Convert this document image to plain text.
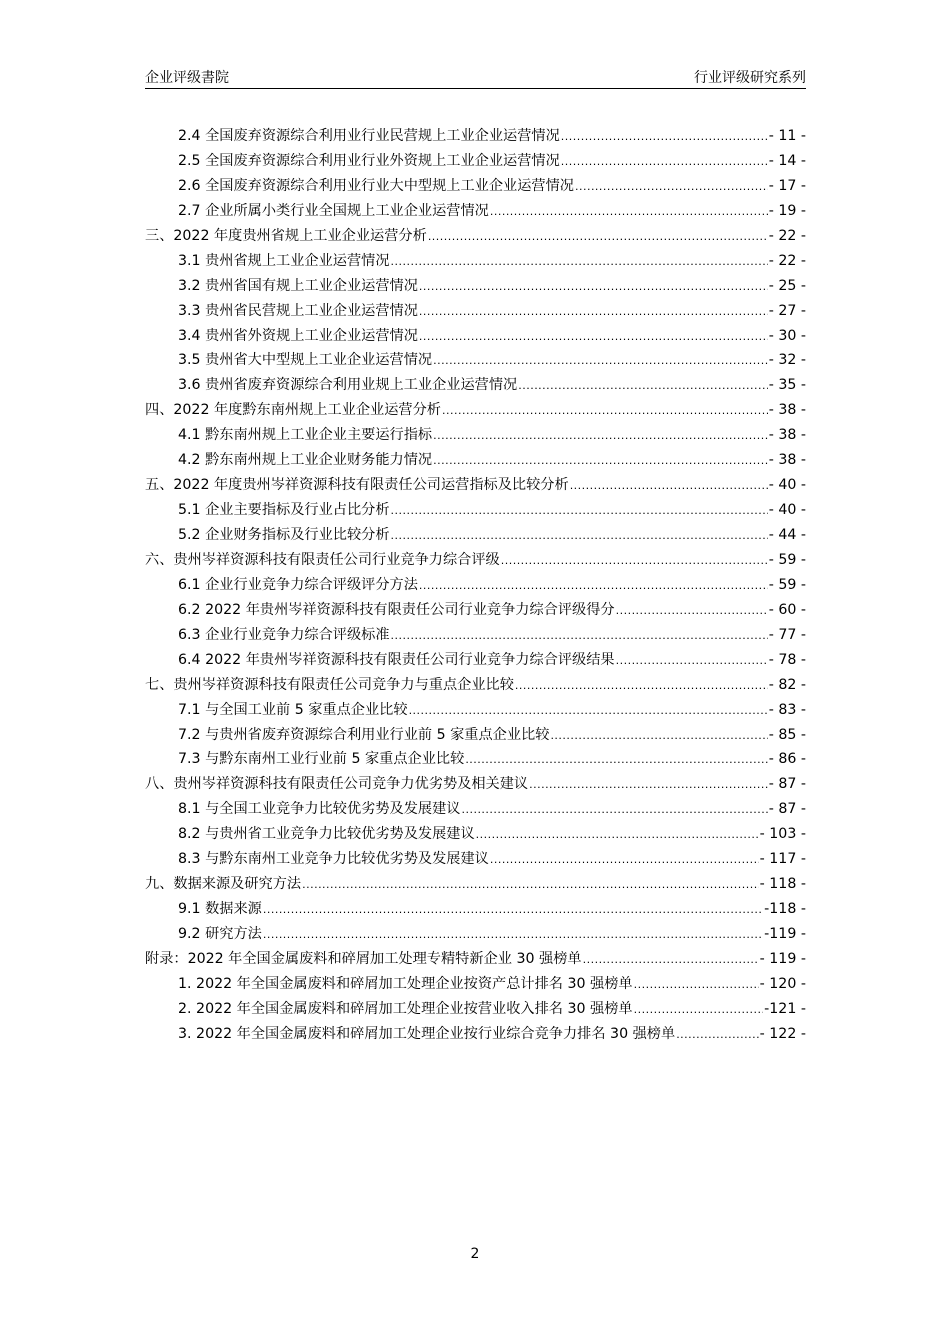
企业评级書院	行业评级研究系列
2.4 全国废弃资源综合利用业行业民营规上工业企业运营情况 .....	- 11 -
2.5 全国废弃资源综合利用业行业外资规上工业企业运营情况 .....	- 14 -
2.6 全国废弃资源综合利用业行业大中型规上工业企业运营情况 .....	- 17 -
2.7 企业所属小类行业全国规上工业企业运营情况 .....	- 19 -
三、2022 年度贵州省规上工业企业运营分析 .....	- 22 -
3.1 贵州省规上工业企业运营情况 .....	- 22 -
3.2 贵州省国有规上工业企业运营情况 .....	- 25 -
3.3 贵州省民营规上工业企业运营情况 .....	- 27 -
3.4 贵州省外资规上工业企业运营情况 .....	- 30 -
3.5 贵州省大中型规上工业企业运营情况 .....	- 32 -
3.6 贵州省废弃资源综合利用业规上工业企业运营情况 .....	- 35 -
四、2022 年度黔东南州规上工业企业运营分析 .....	- 38 -
4.1 黔东南州规上工业企业主要运行指标 .....	- 38 -
4.2 黔东南州规上工业企业财务能力情况 .....	- 38 -
五、2022 年度贵州岑祥资源科技有限责任公司运营指标及比较分析 .....	- 40 -
5.1 企业主要指标及行业占比分析 .....	- 40 -
5.2 企业财务指标及行业比较分析 .....	- 44 -
六、贵州岑祥资源科技有限责任公司行业竞争力综合评级 .....	- 59 -
6.1 企业行业竞争力综合评级评分方法 .....	- 59 -
6.2 2022 年贵州岑祥资源科技有限责任公司行业竞争力综合评级得分 .....	- 60 -
6.3 企业行业竞争力综合评级标准 .....	- 77 -
6.4 2022 年贵州岑祥资源科技有限责任公司行业竞争力综合评级结果 .....	- 78 -
七、贵州岑祥资源科技有限责任公司竞争力与重点企业比较 .....	- 82 -
7.1 与全国工业前 5 家重点企业比较 .....	- 83 -
7.2 与贵州省废弃资源综合利用业行业前 5 家重点企业比较 .....	- 85 -
7.3 与黔东南州工业行业前 5 家重点企业比较 .....	- 86 -
八、贵州岑祥资源科技有限责任公司竞争力优劣势及相关建议 .....	- 87 -
8.1 与全国工业竞争力比较优劣势及发展建议 .....	- 87 -
8.2 与贵州省工业竞争力比较优劣势及发展建议 .....	- 103 -
8.3 与黔东南州工业竞争力比较优劣势及发展建议 .....	- 117 -
九、数据来源及研究方法 .....	- 118 -
9.1 数据来源 .....	-118 -
9.2 研究方法 .....	-119 -
附录：2022 年全国金属废料和碎屑加工处理专精特新企业 30 强榜单 .....	- 119 -
1. 2022 年全国金属废料和碎屑加工处理企业按资产总计排名 30 强榜单 .....	- 120 -
2. 2022 年全国金属废料和碎屑加工处理企业按营业收入排名 30 强榜单 .....	-121 -
3. 2022 年全国金属废料和碎屑加工处理企业按行业综合竞争力排名 30 强榜单 .....	- 122 -
2
